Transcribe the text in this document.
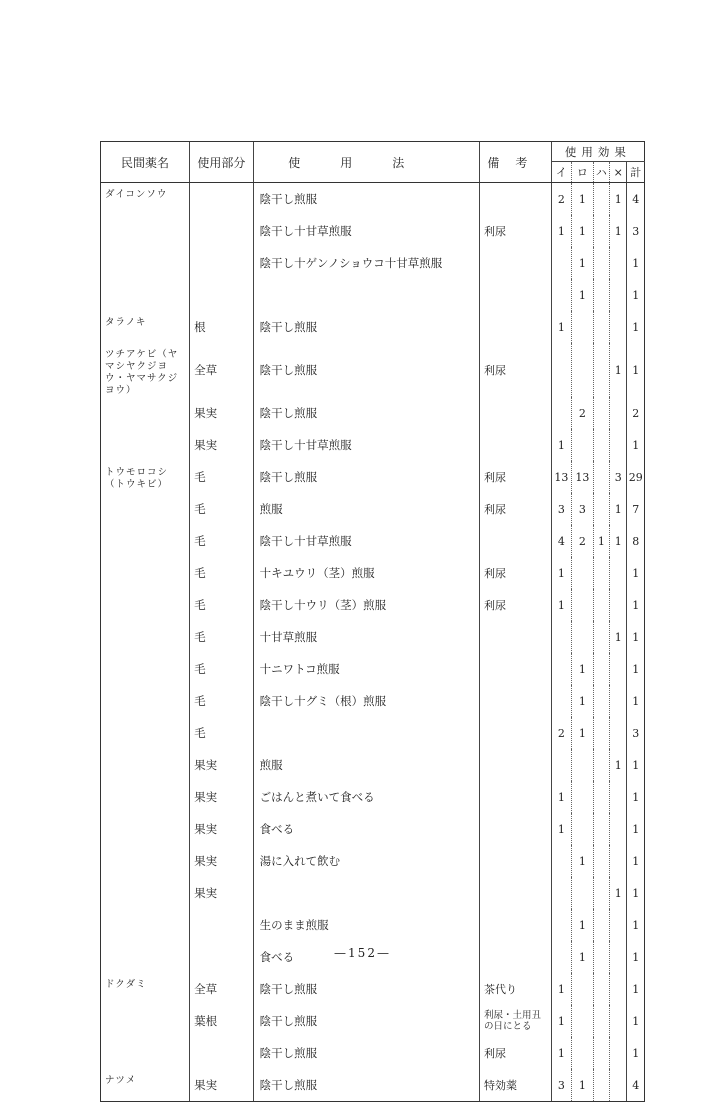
民間薬名	使用部分	使用法	備考	使用効果				
				イ	ロ	ハ	×	計
ダイコンソウ		陰干し煎服		2	1		1	4
		陰干し十甘草煎服	利尿	1	1		1	3
		陰干し十ゲンノショウコ十甘草煎服			1			1
					1			1
タラノキ	根	陰干し煎服		1				1
ツチアケビ（ヤマシヤクジヨウ・ヤマサクジヨウ）	全草	陰干し煎服	利尿				1	1
	果実	陰干し煎服			2			2
	果実	陰干し十甘草煎服		1				1
トウモロコシ（トウキビ）	毛	陰干し煎服	利尿	13	13		3	29
	毛	煎服	利尿	3	3		1	7
	毛	陰干し十甘草煎服		4	2	1	1	8
	毛	十キユウリ（茎）煎服	利尿	1				1
	毛	陰干し十ウリ（茎）煎服	利尿	1				1
	毛	十甘草煎服					1	1
	毛	十ニワトコ煎服			1			1
	毛	陰干し十グミ（根）煎服			1			1
	毛			2	1			3
	果実	煎服					1	1
	果実	ごはんと煮いて食べる		1				1
	果実	食べる		1				1
	果実	湯に入れて飲む			1			1
	果実						1	1
		生のまま煎服			1			1
		食べる			1			1
ドクダミ	全草	陰干し煎服	茶代り	1				1
	葉根	陰干し煎服	利尿・土用丑の日にとる	1				1
		陰干し煎服	利尿	1				1
ナツメ	果実	陰干し煎服	特効薬	3	1			4
—152—
